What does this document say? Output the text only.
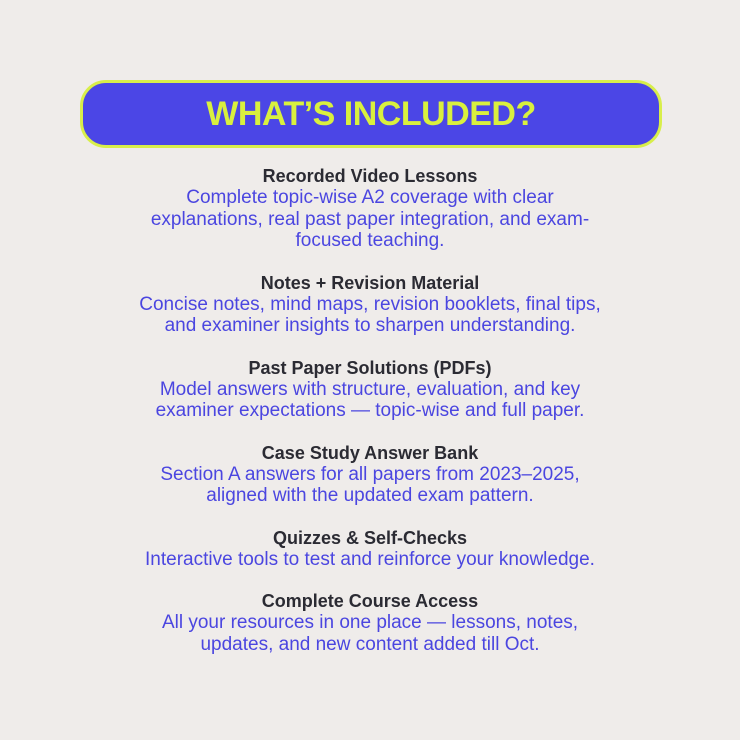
WHAT’S INCLUDED?
Recorded Video Lessons
Complete topic-wise A2 coverage with clear
explanations, real past paper integration, and exam-
focused teaching.
Notes + Revision Material
Concise notes, mind maps, revision booklets, final tips,
and examiner insights to sharpen understanding.
Past Paper Solutions (PDFs)
Model answers with structure, evaluation, and key
examiner expectations — topic-wise and full paper.
Case Study Answer Bank
Section A answers for all papers from 2023–2025,
aligned with the updated exam pattern.
Quizzes & Self-Checks
Interactive tools to test and reinforce your knowledge.
Complete Course Access
All your resources in one place — lessons, notes,
updates, and new content added till Oct.
